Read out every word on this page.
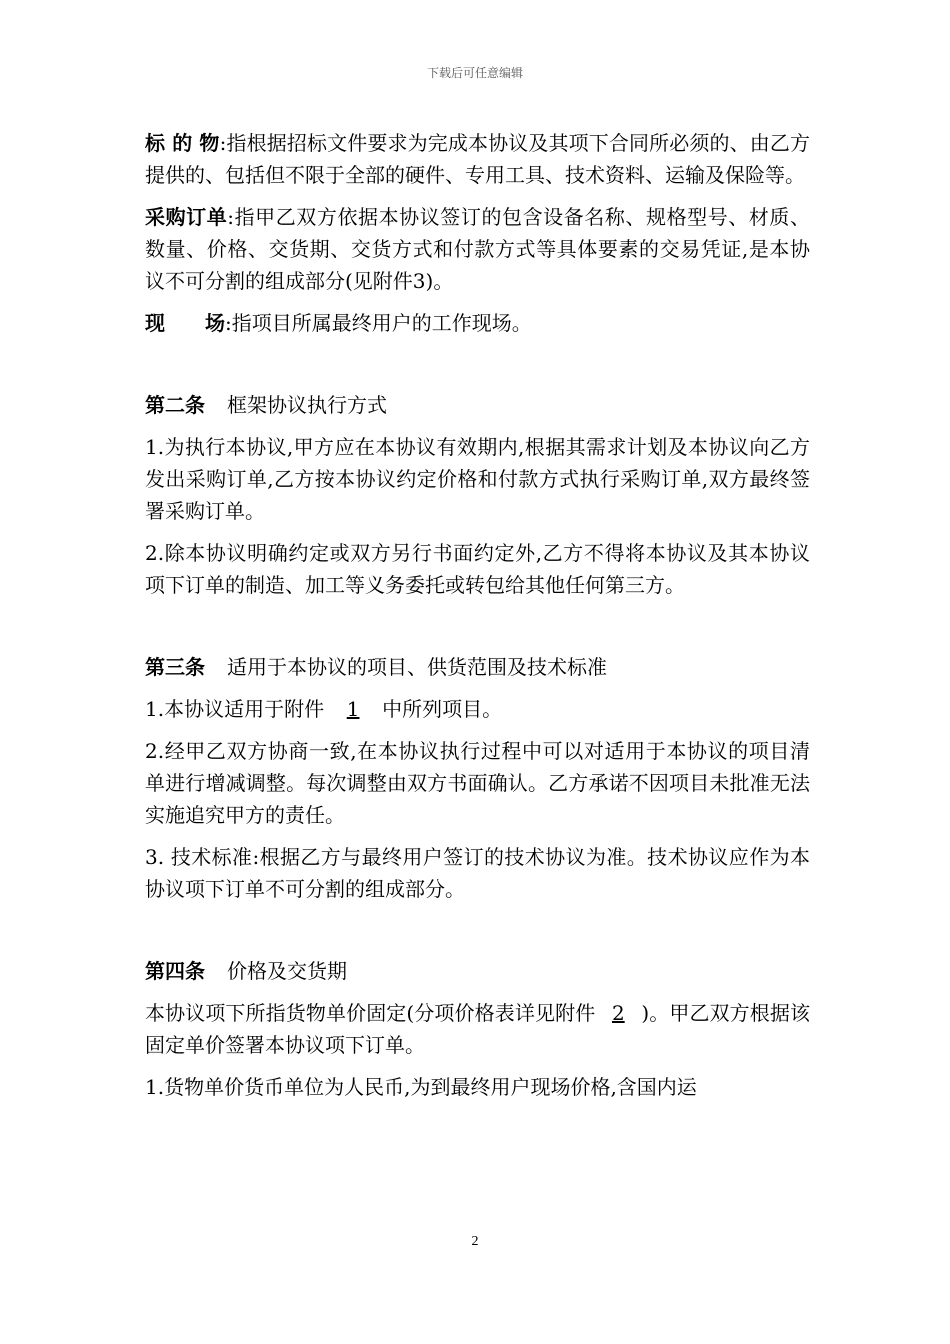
下载后可任意编辑

标 的 物:指根据招标文件要求为完成本协议及其项下合同所必须的、由乙方提供的、包括但不限于全部的硬件、专用工具、技术资料、运输及保险等。

采购订单:指甲乙双方依据本协议签订的包含设备名称、规格型号、材质、数量、价格、交货期、交货方式和付款方式等具体要素的交易凭证,是本协议不可分割的组成部分(见附件3)。

现　　场:指项目所属最终用户的工作现场。

第二条 框架协议执行方式

1.为执行本协议,甲方应在本协议有效期内,根据其需求计划及本协议向乙方发出采购订单,乙方按本协议约定价格和付款方式执行采购订单,双方最终签署采购订单。

2.除本协议明确约定或双方另行书面约定外,乙方不得将本协议及其本协议项下订单的制造、加工等义务委托或转包给其他任何第三方。

第三条 适用于本协议的项目、供货范围及技术标准

1.本协议适用于附件 1 中所列项目。

2.经甲乙双方协商一致,在本协议执行过程中可以对适用于本协议的项目清单进行增减调整。每次调整由双方书面确认。乙方承诺不因项目未批准无法实施追究甲方的责任。

3. 技术标准:根据乙方与最终用户签订的技术协议为准。技术协议应作为本协议项下订单不可分割的组成部分。

第四条 价格及交货期

本协议项下所指货物单价固定(分项价格表详见附件 2 )。甲乙双方根据该固定单价签署本协议项下订单。

1.货物单价货币单位为人民币,为到最终用户现场价格,含国内运

2
